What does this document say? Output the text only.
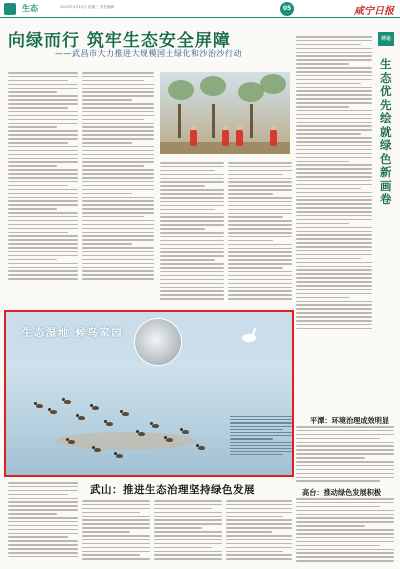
生态	2023年3月15日 星期三 责任编辑	05	咸宁日报
向绿而行 筑牢生态安全屏障
——武昌市大力推进大规模国土绿化和沙治沙行动
评论
生态优先绘就绿色新画卷
平潭：环境治理成效明显
高台：推动绿色发展积极
生态湿地 候鸟家园
武山：推进生态治理坚持绿色发展
